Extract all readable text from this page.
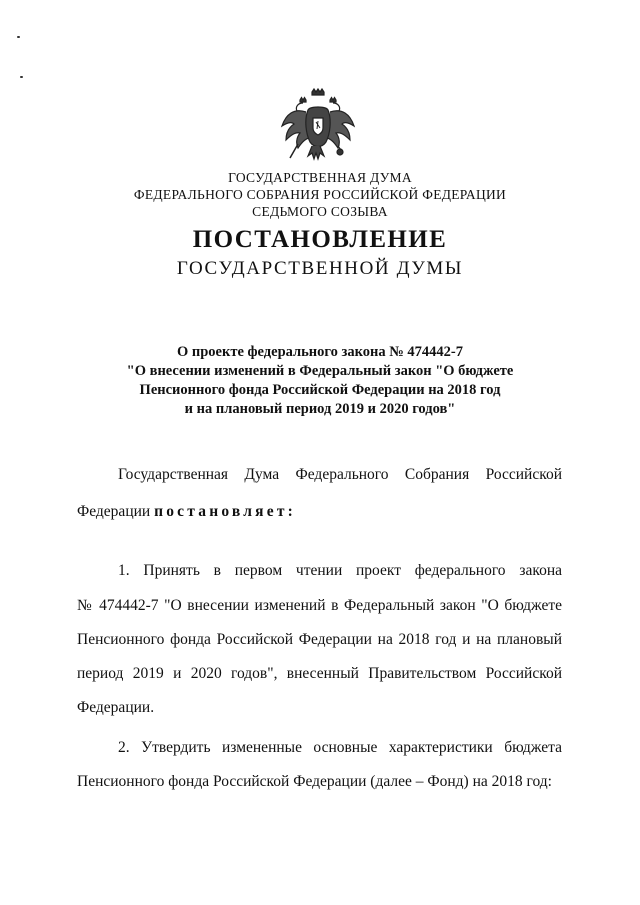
ГОСУДАРСТВЕННАЯ ДУМА
ФЕДЕРАЛЬНОГО СОБРАНИЯ РОССИЙСКОЙ ФЕДЕРАЦИИ
СЕДЬМОГО СОЗЫВА
ПОСТАНОВЛЕНИЕ
ГОСУДАРСТВЕННОЙ ДУМЫ
О проекте федерального закона № 474442-7
"О внесении изменений в Федеральный закон "О бюджете
Пенсионного фонда Российской Федерации на 2018 год
и на плановый период 2019 и 2020 годов"
Государственная Дума Федерального Собрания Российской
Федерации постановляет:
1. Принять в первом чтении проект федерального закона
№ 474442-7 "О внесении изменений в Федеральный закон "О бюджете
Пенсионного фонда Российской Федерации на 2018 год и на плановый
период 2019 и 2020 годов", внесенный Правительством Российской
Федерации.
2. Утвердить измененные основные характеристики бюджета
Пенсионного фонда Российской Федерации (далее – Фонд) на 2018 год:
